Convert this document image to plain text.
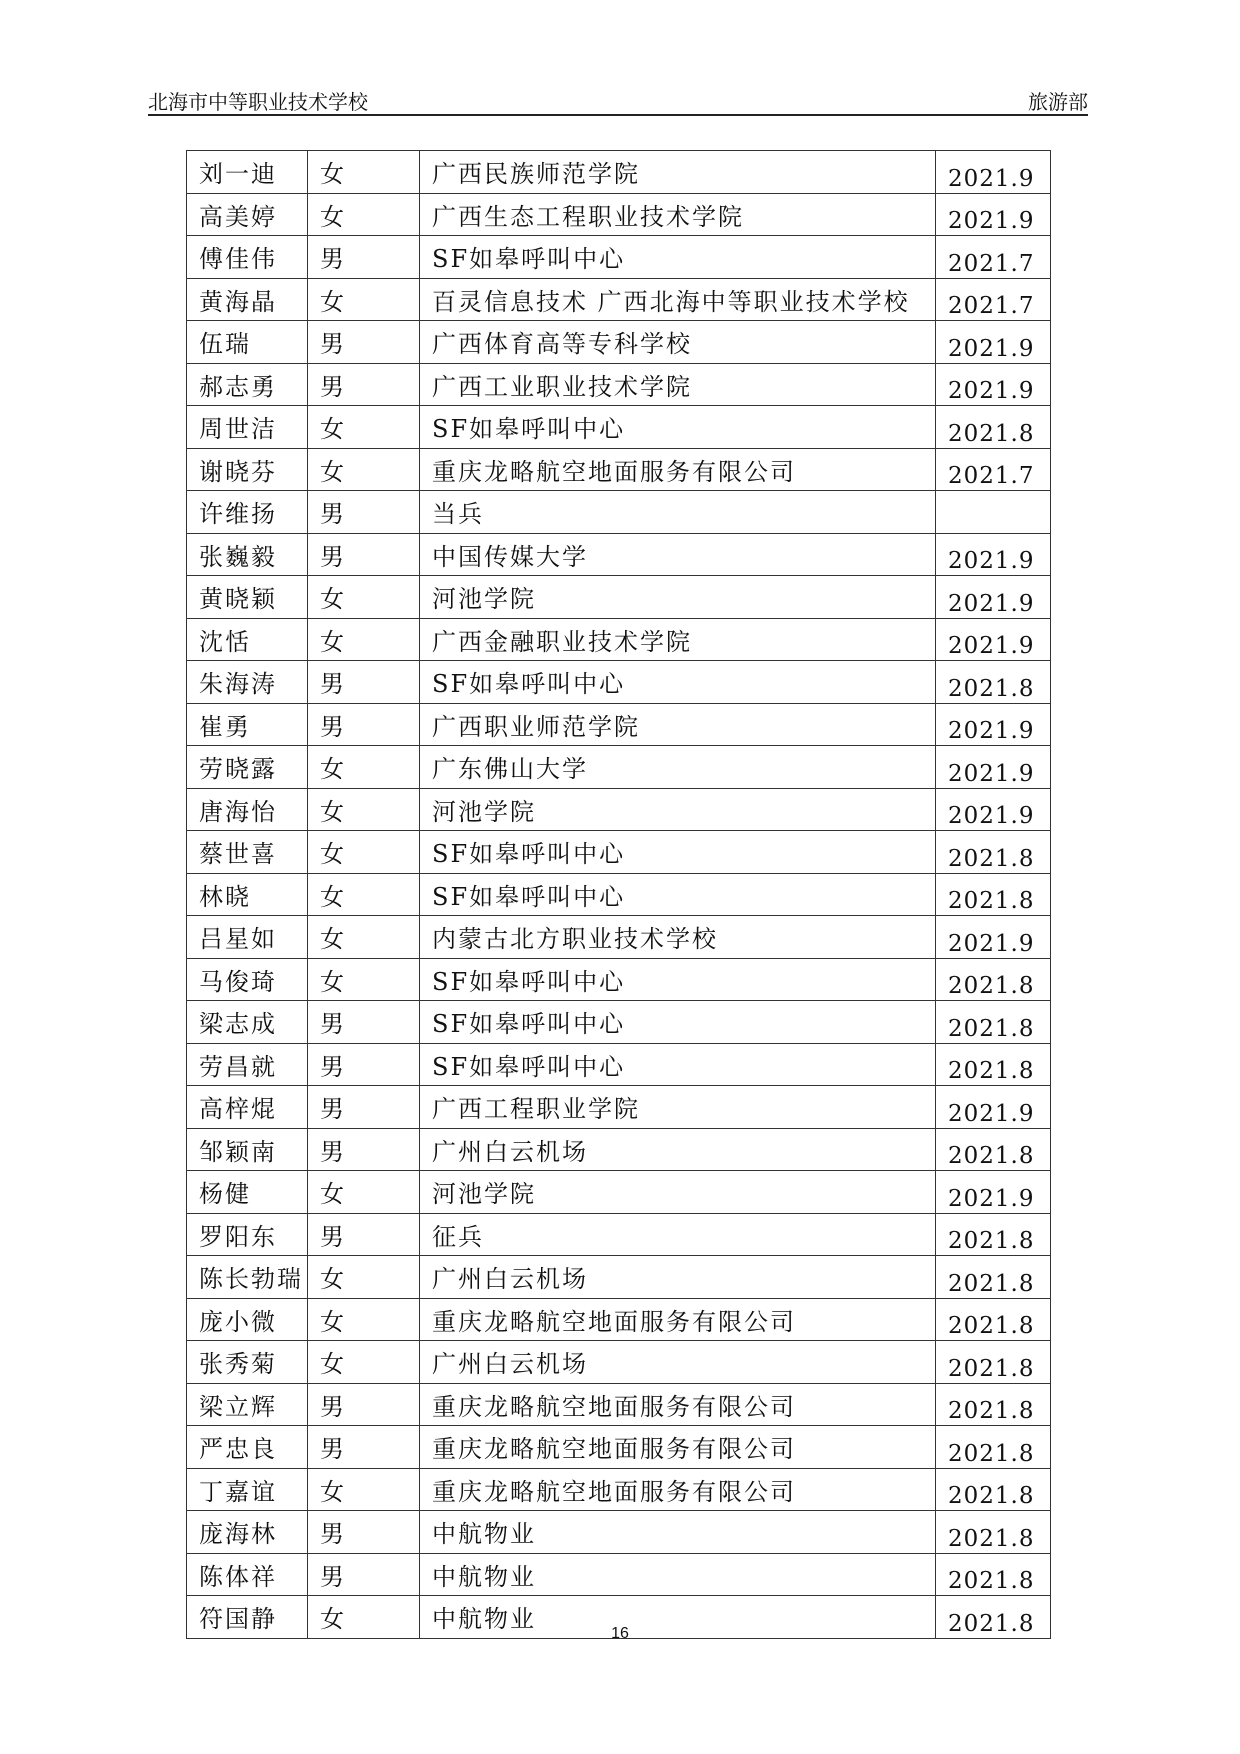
北海市中等职业技术学校	旅游部
刘一迪	女	广西民族师范学院	2021.9
高美婷	女	广西生态工程职业技术学院	2021.9
傅佳伟	男	SF如皋呼叫中心	2021.7
黄海晶	女	百灵信息技术 广西北海中等职业技术学校	2021.7
伍瑞	男	广西体育高等专科学校	2021.9
郝志勇	男	广西工业职业技术学院	2021.9
周世洁	女	SF如皋呼叫中心	2021.8
谢晓芬	女	重庆龙略航空地面服务有限公司	2021.7
许维扬	男	当兵	
张巍毅	男	中国传媒大学	2021.9
黄晓颖	女	河池学院	2021.9
沈恬	女	广西金融职业技术学院	2021.9
朱海涛	男	SF如皋呼叫中心	2021.8
崔勇	男	广西职业师范学院	2021.9
劳晓露	女	广东佛山大学	2021.9
唐海怡	女	河池学院	2021.9
蔡世喜	女	SF如皋呼叫中心	2021.8
林晓	女	SF如皋呼叫中心	2021.8
吕星如	女	内蒙古北方职业技术学校	2021.9
马俊琦	女	SF如皋呼叫中心	2021.8
梁志成	男	SF如皋呼叫中心	2021.8
劳昌就	男	SF如皋呼叫中心	2021.8
高梓焜	男	广西工程职业学院	2021.9
邹颖南	男	广州白云机场	2021.8
杨健	女	河池学院	2021.9
罗阳东	男	征兵	2021.8
陈长勃瑞	女	广州白云机场	2021.8
庞小微	女	重庆龙略航空地面服务有限公司	2021.8
张秀菊	女	广州白云机场	2021.8
梁立辉	男	重庆龙略航空地面服务有限公司	2021.8
严忠良	男	重庆龙略航空地面服务有限公司	2021.8
丁嘉谊	女	重庆龙略航空地面服务有限公司	2021.8
庞海林	男	中航物业	2021.8
陈体祥	男	中航物业	2021.8
符国静	女	中航物业	2021.8
16
